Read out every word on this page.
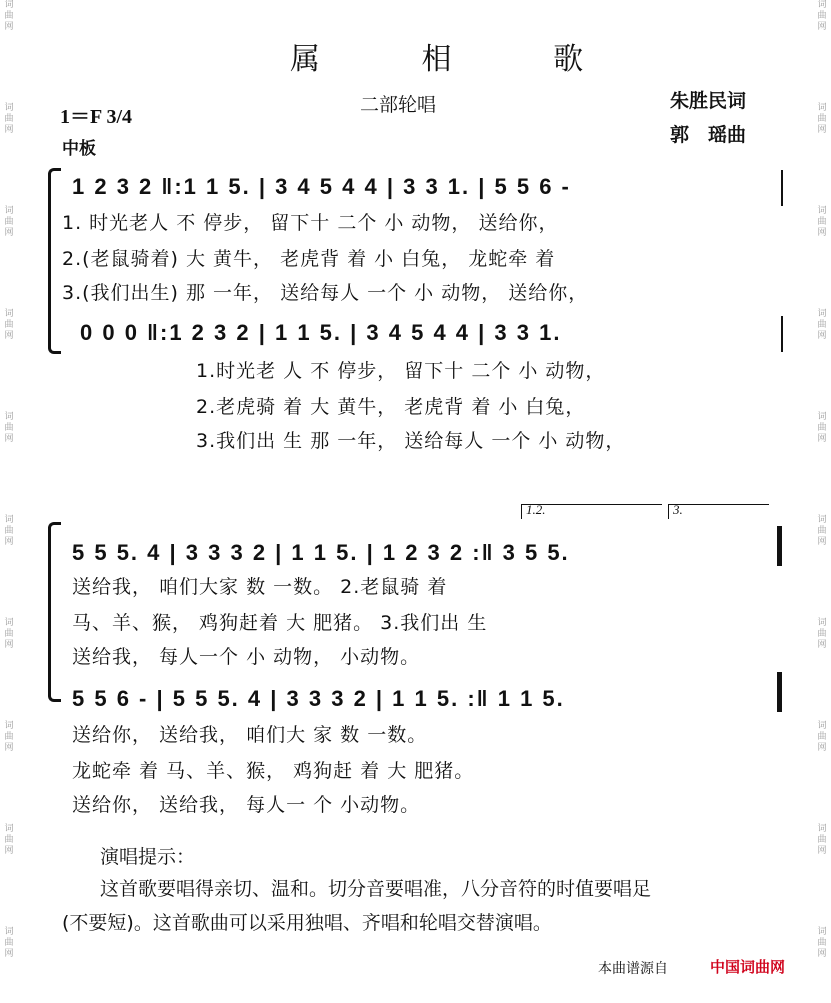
词 曲 网
词 曲 网
词 曲 网
词 曲 网
词 曲 网
词 曲 网
词 曲 网
词 曲 网
词 曲 网
词 曲 网
词 曲 网
词 曲 网
词 曲 网
词 曲 网
词 曲 网
词 曲 网
词 曲 网
词 曲 网
词 曲 网
词 曲 网
属 相 歌
二部轮唱	朱胜民词
郭　瑶曲
1＝F 3/4
中板
1 2 3 2 ‖:1 1 5. | 3 4 5 4 4 | 3 3 1. | 5 5 6 -
1. 时光老人 不 停步， 留下十 二个 小 动物， 送给你，
2.(老鼠骑着) 大 黄牛， 老虎背 着 小 白兔， 龙蛇牵 着
3.(我们出生) 那 一年， 送给每人 一个 小 动物， 送给你，
0 0 0 ‖:1 2 3 2 | 1 1 5. | 3 4 5 4 4 | 3 3 1.
1.时光老 人 不 停步， 留下十 二个 小 动物，
2.老虎骑 着 大 黄牛， 老虎背 着 小 白兔，
3.我们出 生 那 一年， 送给每人 一个 小 动物，
1.2.	3.
5 5 5. 4 | 3 3 3 2 | 1 1 5. | 1 2 3 2 :‖ 3 5 5.
送给我， 咱们大家 数 一数。 2.老鼠骑 着
马、羊、猴， 鸡狗赶着 大 肥猪。 3.我们出 生
送给我， 每人一个 小 动物， 小动物。
5 5 6 - | 5 5 5. 4 | 3 3 3 2 | 1 1 5. :‖ 1 1 5.
送给你， 送给我， 咱们大 家 数 一数。
龙蛇牵 着 马、羊、猴， 鸡狗赶 着 大 肥猪。
送给你， 送给我， 每人一 个 小动物。
演唱提示：
这首歌要唱得亲切、温和。切分音要唱准，八分音符的时值要唱足
(不要短)。这首歌曲可以采用独唱、齐唱和轮唱交替演唱。
本曲谱源自	中国词曲网
